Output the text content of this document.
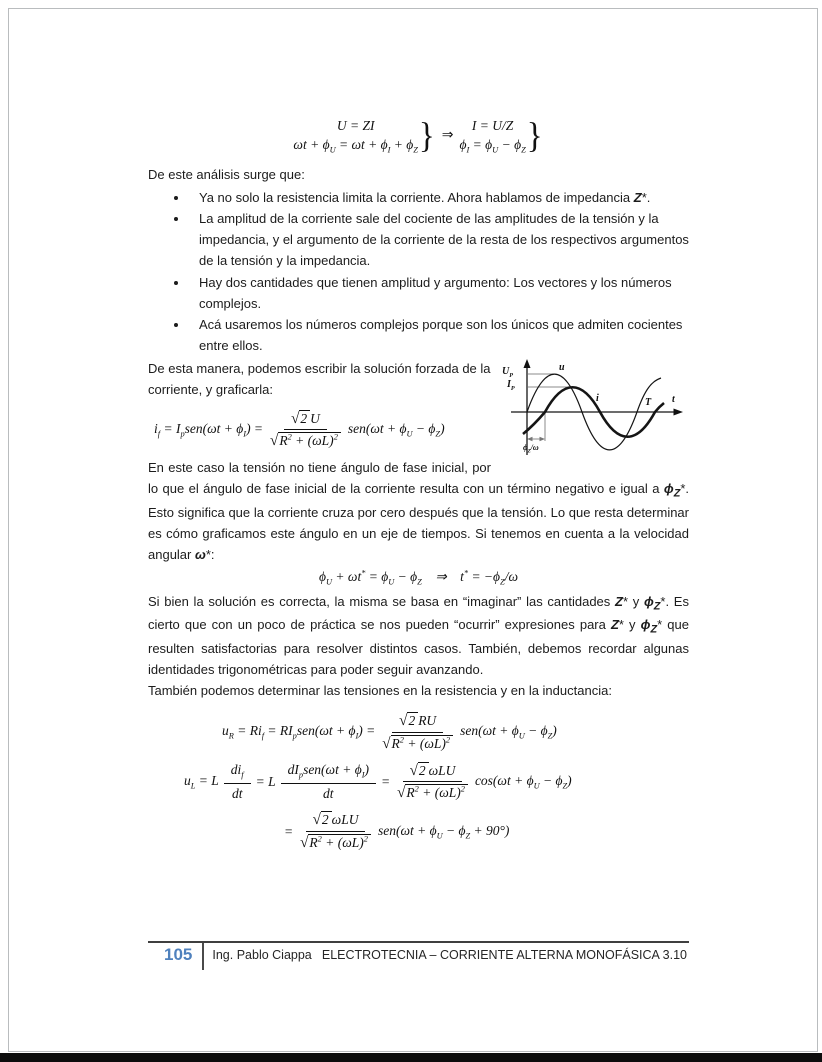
U = ZI
$\omega t + \phi_U = \omega t + \phi_I + \phi_Z$ } ⇒
I = U/Z
$\phi_I = \phi_U - \phi_Z$ }

De este análisis surge que:

• Ya no solo la resistencia limita la corriente. Ahora hablamos de impedancia Z*.
• La amplitud de la corriente sale del cociente de las amplitudes de la tensión y la impedancia, y el argumento de la corriente de la resta de los respectivos argumentos de la tensión y la impedancia.
• Hay dos cantidades que tienen amplitud y argumento: Los vectores y los números complejos.
• Acá usaremos los números complejos porque son los únicos que admiten cocientes entre ellos.
$U_P$
$I_P$
u
i	T t
$\phi_Z/\omega$

De esta manera, podemos escribir la solución forzada de la corriente, y graficarla:

$i_f = I_psen(\omega t + \phi_I) = \frac{√2 U}{√R^2 + (\omega L)^2} sen(\omega t + \phi_U - \phi_Z)$

En este caso la tensión no tiene ángulo de fase inicial, por lo que el ángulo de fase inicial de la corriente resulta con un término negativo e igual a $\phi_Z*$. Esto significa que la corriente cruza por cero después que la tensión. Lo que resta determinar es cómo graficamos este ángulo en un eje de tiempos. Si tenemos en cuenta a la velocidad angular ω*:

$\phi_U + \omega t^* = \phi_U - \phi_Z$ ⇒ $t^* = -\phi_Z/\omega$

Si bien la solución es correcta, la misma se basa en “imaginar” las cantidades Z* y $\phi_Z*$. Es cierto que con un poco de práctica se nos pueden “ocurrir” expresiones para Z* y $\phi_Z*$ que resulten satisfactorias para resolver distintos casos. También, debemos recordar algunas identidades trigonométricas para poder seguir avanzando.

También podemos determinar las tensiones en la resistencia y en la inductancia:

$u_R = Ri_f = RI_psen(\omega t + \phi_I) = \frac{√2 RU}{√R^2 + (\omega L)^2} sen(\omega t + \phi_U - \phi_Z)$
$u_L = L \frac{di_f}{dt} = L \frac{dI_psen(\omega t + \phi_I)}{dt} = \frac{\text{√2 ωLU}}{√R^2 + (\omega L)^2} \cos(\omega t + \phi_U - \phi_Z)$
= $\frac{\text{√2 ωLU}}{√R^2 + (\omega L)^2} sen(\omega t + \phi_U - \phi_Z + 90^\circ)$
105	Ing. Pablo Ciappa ELECTROTECNIA – CORRIENTE ALTERNA MONOFÁSICA 3.10
